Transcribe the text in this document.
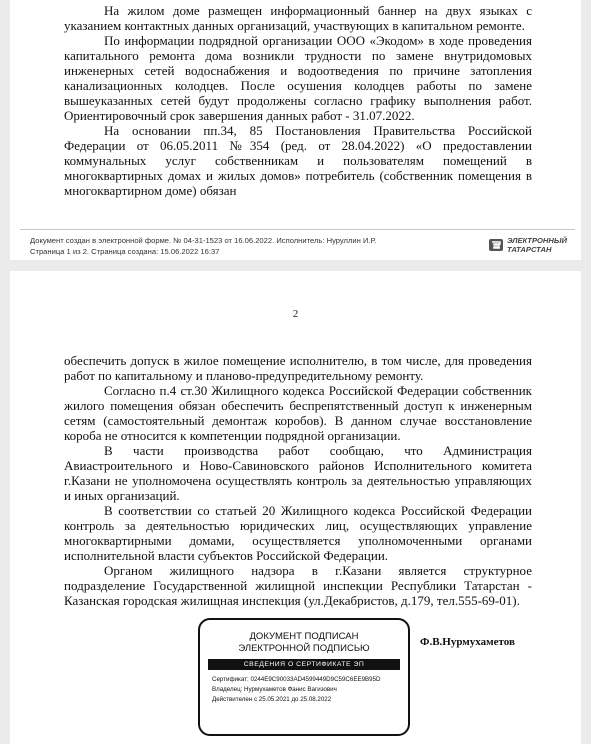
На жилом доме размещен информационный баннер на двух языках с указанием контактных данных организаций, участвующих в капитальном ремонте.

По информации подрядной организации ООО «Экодом» в ходе проведения капитального ремонта дома возникли трудности по замене внутридомовых инженерных сетей водоснабжения и водоотведения по причине затопления канализационных колодцев. После осушения колодцев работы по замене вышеуказанных сетей будут продолжены согласно графику выполнения работ. Ориентировочный срок завершения данных работ - 31.07.2022.

На основании пп.34, 85 Постановления Правительства Российской Федерации от 06.05.2011 №354 (ред. от 28.04.2022) «О предоставлении коммунальных услуг собственникам и пользователям помещений в многоквартирных домах и жилых домов» потребитель (собственник помещения в многоквартирном доме) обязан

Документ создан в электронной форме. № 04-31-1523 от 16.06.2022. Исполнитель: Нуруллин И.Р.
Страница 1 из 2. Страница создана: 15.06.2022 16:37
ЭЛЕКТРОННЫЙ
ТАТАРСТАН
2

обеспечить допуск в жилое помещение исполнителю, в том числе, для проведения работ по капитальному и планово-предупредительному ремонту.

Согласно п.4 ст.30 Жилищного кодекса Российской Федерации собственник жилого помещения обязан обеспечить беспрепятственный доступ к инженерным сетям (самостоятельный демонтаж коробов). В данном случае восстановление короба не относится к компетенции подрядной организации.

В части производства работ сообщаю, что Администрация Авиастроительного и Ново-Савиновского районов Исполнительного комитета г.Казани не уполномочена осуществлять контроль за деятельностью управляющих и иных организаций.

В соответствии со статьей 20 Жилищного кодекса Российской Федерации контроль за деятельностью юридических лиц, осуществляющих управление многоквартирными домами, осуществляется уполномоченными органами исполнительной власти субъектов Российской Федерации.

Органом жилищного надзора в г.Казани является структурное подразделение Государственной жилищной инспекции Республики Татарстан - Казанская городская жилищная инспекция (ул.Декабристов, д.179, тел.555-69-01).

ДОКУМЕНТ ПОДПИСАН
ЭЛЕКТРОННОЙ ПОДПИСЬЮ
СВЕДЕНИЯ О СЕРТИФИКАТЕ ЭП
Сертификат: 0244E9C90033AD4599449D9C59C6EE9B95D
Владелец: Нурмухаметов Фанис Вагизович
Действителен с 25.05.2021 до 25.08.2022
Ф.В.Нурмухаметов
